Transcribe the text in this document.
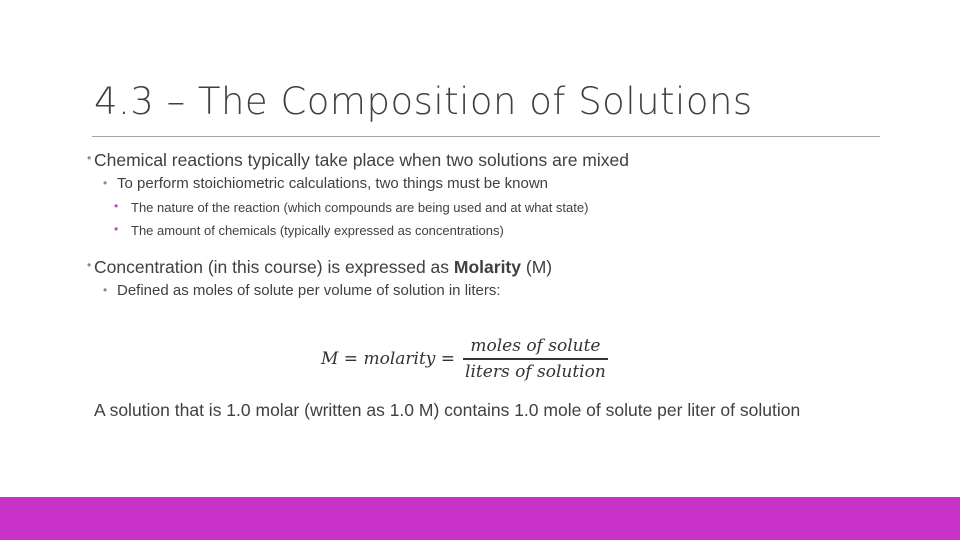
4.3 – The Composition of Solutions
• Chemical reactions typically take place when two solutions are mixed
• To perform stoichiometric calculations, two things must be known
• The nature of the reaction (which compounds are being used and at what state)
• The amount of chemicals (typically expressed as concentrations)
• Concentration (in this course) is expressed as Molarity (M)
• Defined as moles of solute per volume of solution in liters:
M = molarity = $\frac{\text{moles of solute}}{\text{liters of solution}}$
A solution that is 1.0 molar (written as 1.0 M) contains 1.0 mole of solute per liter of solution
